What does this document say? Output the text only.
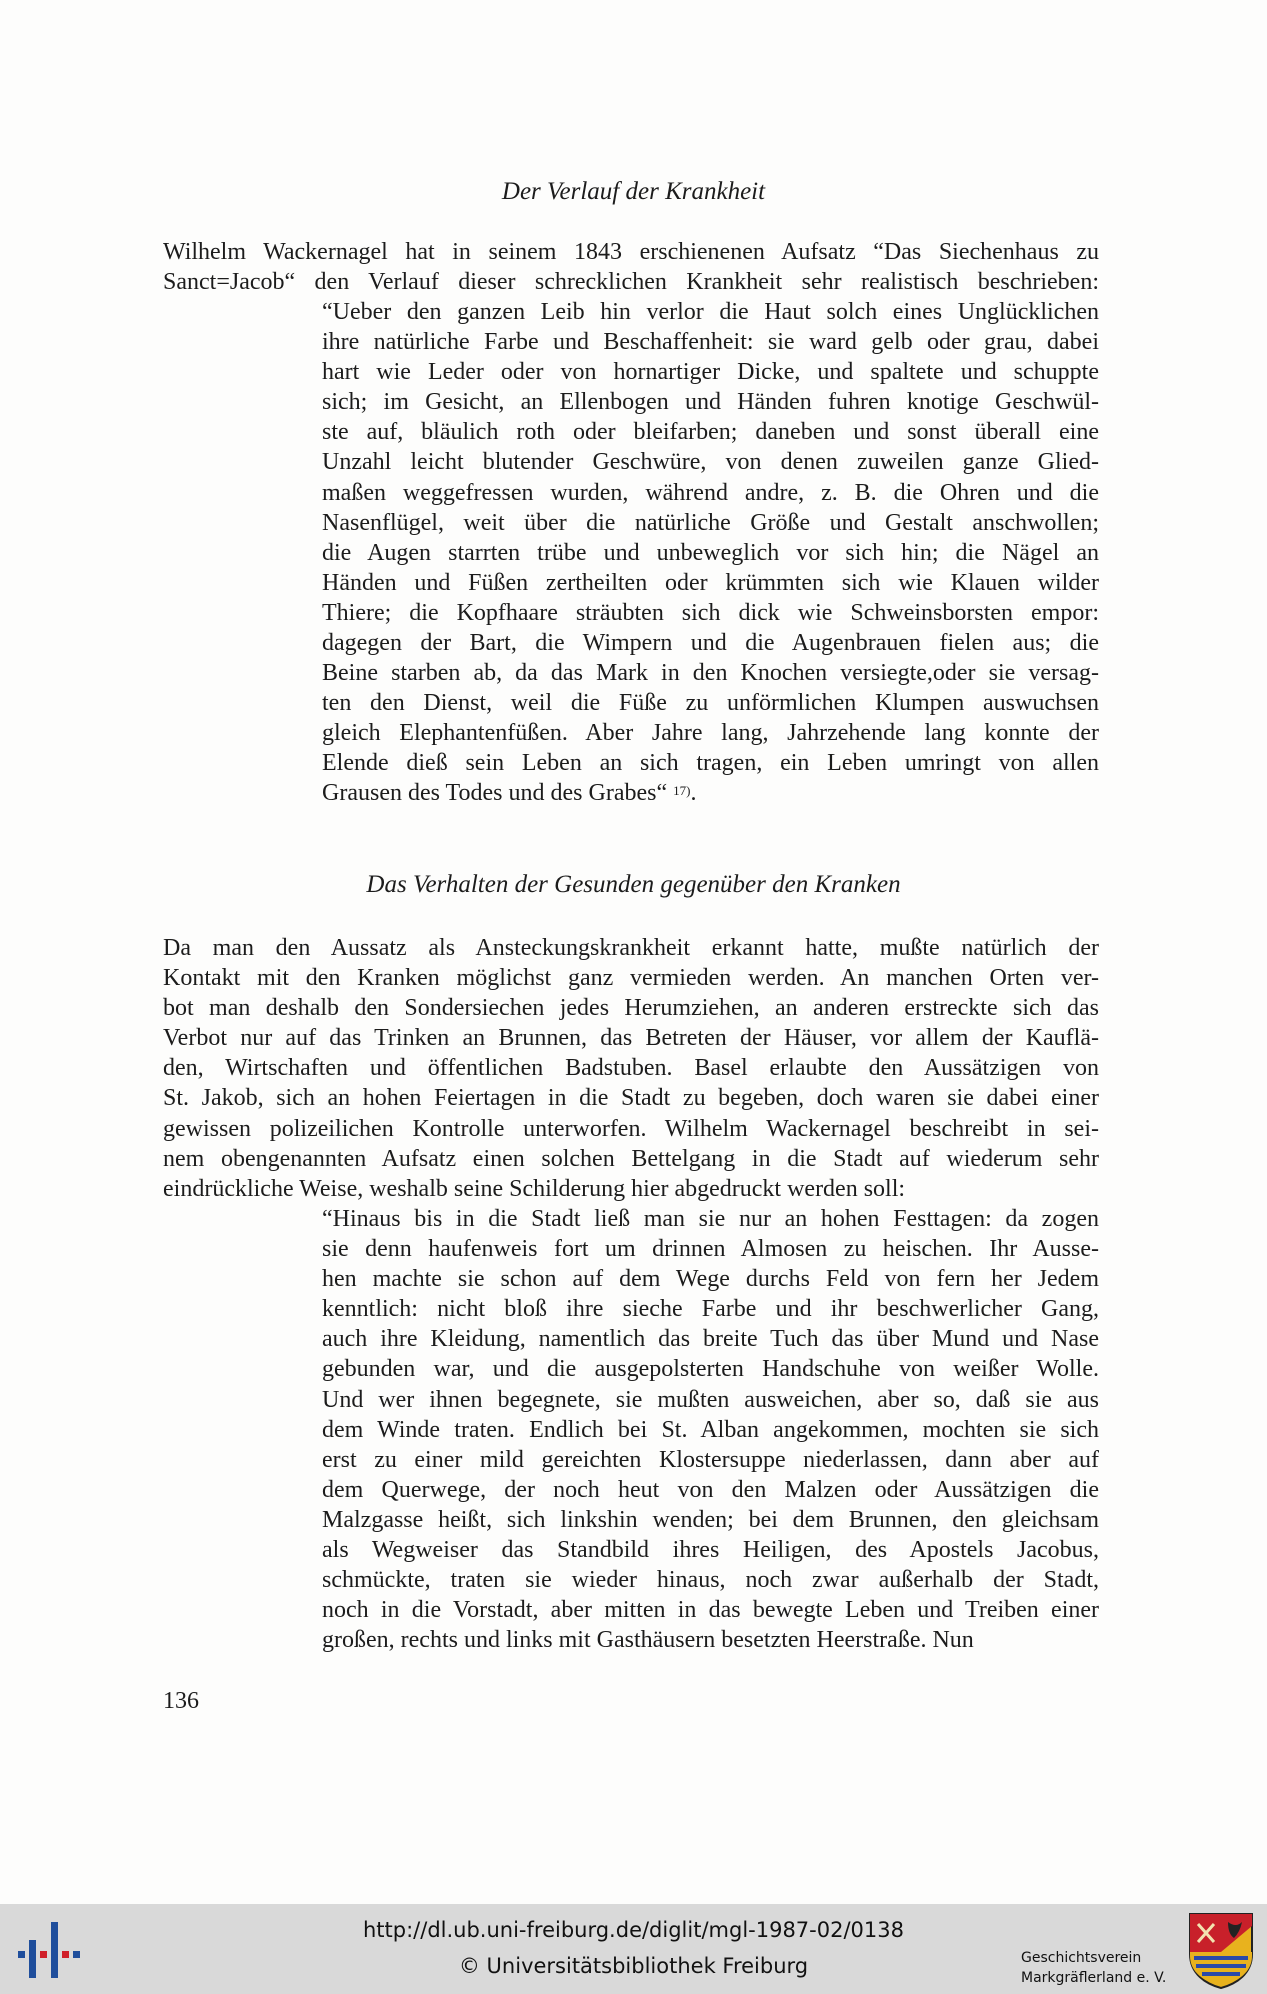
Der Verlauf der Krankheit
Wilhelm Wackernagel hat in seinem 1843 erschienenen Aufsatz “Das Siechenhaus zu
Sanct=Jacob“ den Verlauf dieser schrecklichen Krankheit sehr realistisch beschrieben:
“Ueber den ganzen Leib hin verlor die Haut solch eines Unglücklichen
ihre natürliche Farbe und Beschaffenheit: sie ward gelb oder grau, dabei
hart wie Leder oder von hornartiger Dicke, und spaltete und schuppte
sich; im Gesicht, an Ellenbogen und Händen fuhren knotige Geschwül-
ste auf, bläulich roth oder bleifarben; daneben und sonst überall eine
Unzahl leicht blutender Geschwüre, von denen zuweilen ganze Glied-
maßen weggefressen wurden, während andre, z. B. die Ohren und die
Nasenflügel, weit über die natürliche Größe und Gestalt anschwollen;
die Augen starrten trübe und unbeweglich vor sich hin; die Nägel an
Händen und Füßen zertheilten oder krümmten sich wie Klauen wilder
Thiere; die Kopfhaare sträubten sich dick wie Schweinsborsten empor:
dagegen der Bart, die Wimpern und die Augenbrauen fielen aus; die
Beine starben ab, da das Mark in den Knochen versiegte,oder sie versag-
ten den Dienst, weil die Füße zu unförmlichen Klumpen auswuchsen
gleich Elephantenfüßen. Aber Jahre lang, Jahrzehende lang konnte der
Elende dieß sein Leben an sich tragen, ein Leben umringt von allen
Grausen des Todes und des Grabes“ $^{17)}$.
Das Verhalten der Gesunden gegenüber den Kranken
Da man den Aussatz als Ansteckungskrankheit erkannt hatte, mußte natürlich der
Kontakt mit den Kranken möglichst ganz vermieden werden. An manchen Orten ver-
bot man deshalb den Sondersiechen jedes Herumziehen, an anderen erstreckte sich das
Verbot nur auf das Trinken an Brunnen, das Betreten der Häuser, vor allem der Kauflä-
den, Wirtschaften und öffentlichen Badstuben. Basel erlaubte den Aussätzigen von
St. Jakob, sich an hohen Feiertagen in die Stadt zu begeben, doch waren sie dabei einer
gewissen polizeilichen Kontrolle unterworfen. Wilhelm Wackernagel beschreibt in sei-
nem obengenannten Aufsatz einen solchen Bettelgang in die Stadt auf wiederum sehr
eindrückliche Weise, weshalb seine Schilderung hier abgedruckt werden soll:
“Hinaus bis in die Stadt ließ man sie nur an hohen Festtagen: da zogen
sie denn haufenweis fort um drinnen Almosen zu heischen. Ihr Ausse-
hen machte sie schon auf dem Wege durchs Feld von fern her Jedem
kenntlich: nicht bloß ihre sieche Farbe und ihr beschwerlicher Gang,
auch ihre Kleidung, namentlich das breite Tuch das über Mund und Nase
gebunden war, und die ausgepolsterten Handschuhe von weißer Wolle.
Und wer ihnen begegnete, sie mußten ausweichen, aber so, daß sie aus
dem Winde traten. Endlich bei St. Alban angekommen, mochten sie sich
erst zu einer mild gereichten Klostersuppe niederlassen, dann aber auf
dem Querwege, der noch heut von den Malzen oder Aussätzigen die
Malzgasse heißt, sich linkshin wenden; bei dem Brunnen, den gleichsam
als Wegweiser das Standbild ihres Heiligen, des Apostels Jacobus,
schmückte, traten sie wieder hinaus, noch zwar außerhalb der Stadt,
noch in die Vorstadt, aber mitten in das bewegte Leben und Treiben einer
großen, rechts und links mit Gasthäusern besetzten Heerstraße. Nun
136
http://dl.ub.uni-freiburg.de/diglit/mgl-1987-02/0138
© Universitätsbibliothek Freiburg	Geschichtsverein
Markgräflerland e. V.
